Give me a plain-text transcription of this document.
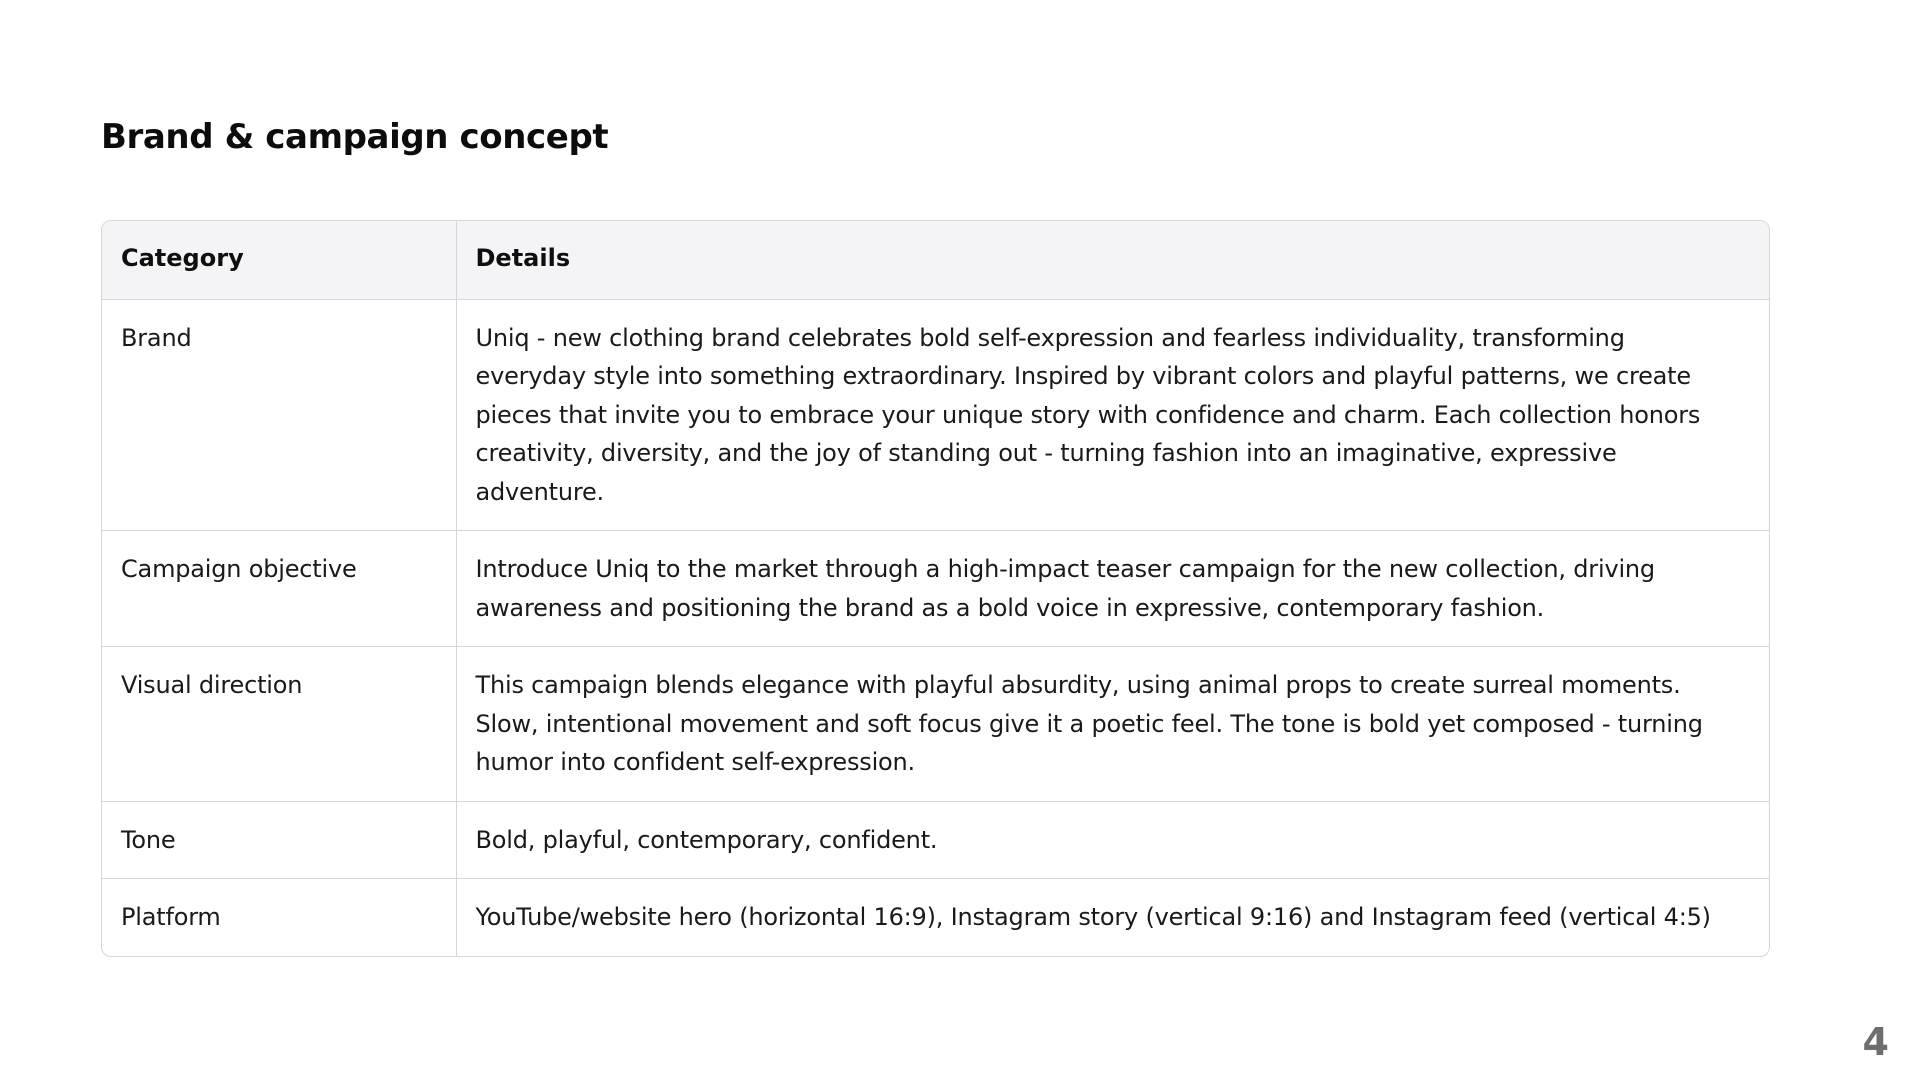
Brand & campaign concept
Category	Details
Brand	Uniq - new clothing brand celebrates bold self-expression and fearless individuality, transforming everyday style into something extraordinary. Inspired by vibrant colors and playful patterns, we create pieces that invite you to embrace your unique story with confidence and charm. Each collection honors creativity, diversity, and the joy of standing out - turning fashion into an imaginative, expressive adventure.
Campaign objective	Introduce Uniq to the market through a high-impact teaser campaign for the new collection, driving awareness and positioning the brand as a bold voice in expressive, contemporary fashion.
Visual direction	This campaign blends elegance with playful absurdity, using animal props to create surreal moments. Slow, intentional movement and soft focus give it a poetic feel. The tone is bold yet composed - turning humor into confident self-expression.
Tone	Bold, playful, contemporary, confident.
Platform	YouTube/website hero (horizontal 16:9), Instagram story (vertical 9:16) and Instagram feed (vertical 4:5)
4
